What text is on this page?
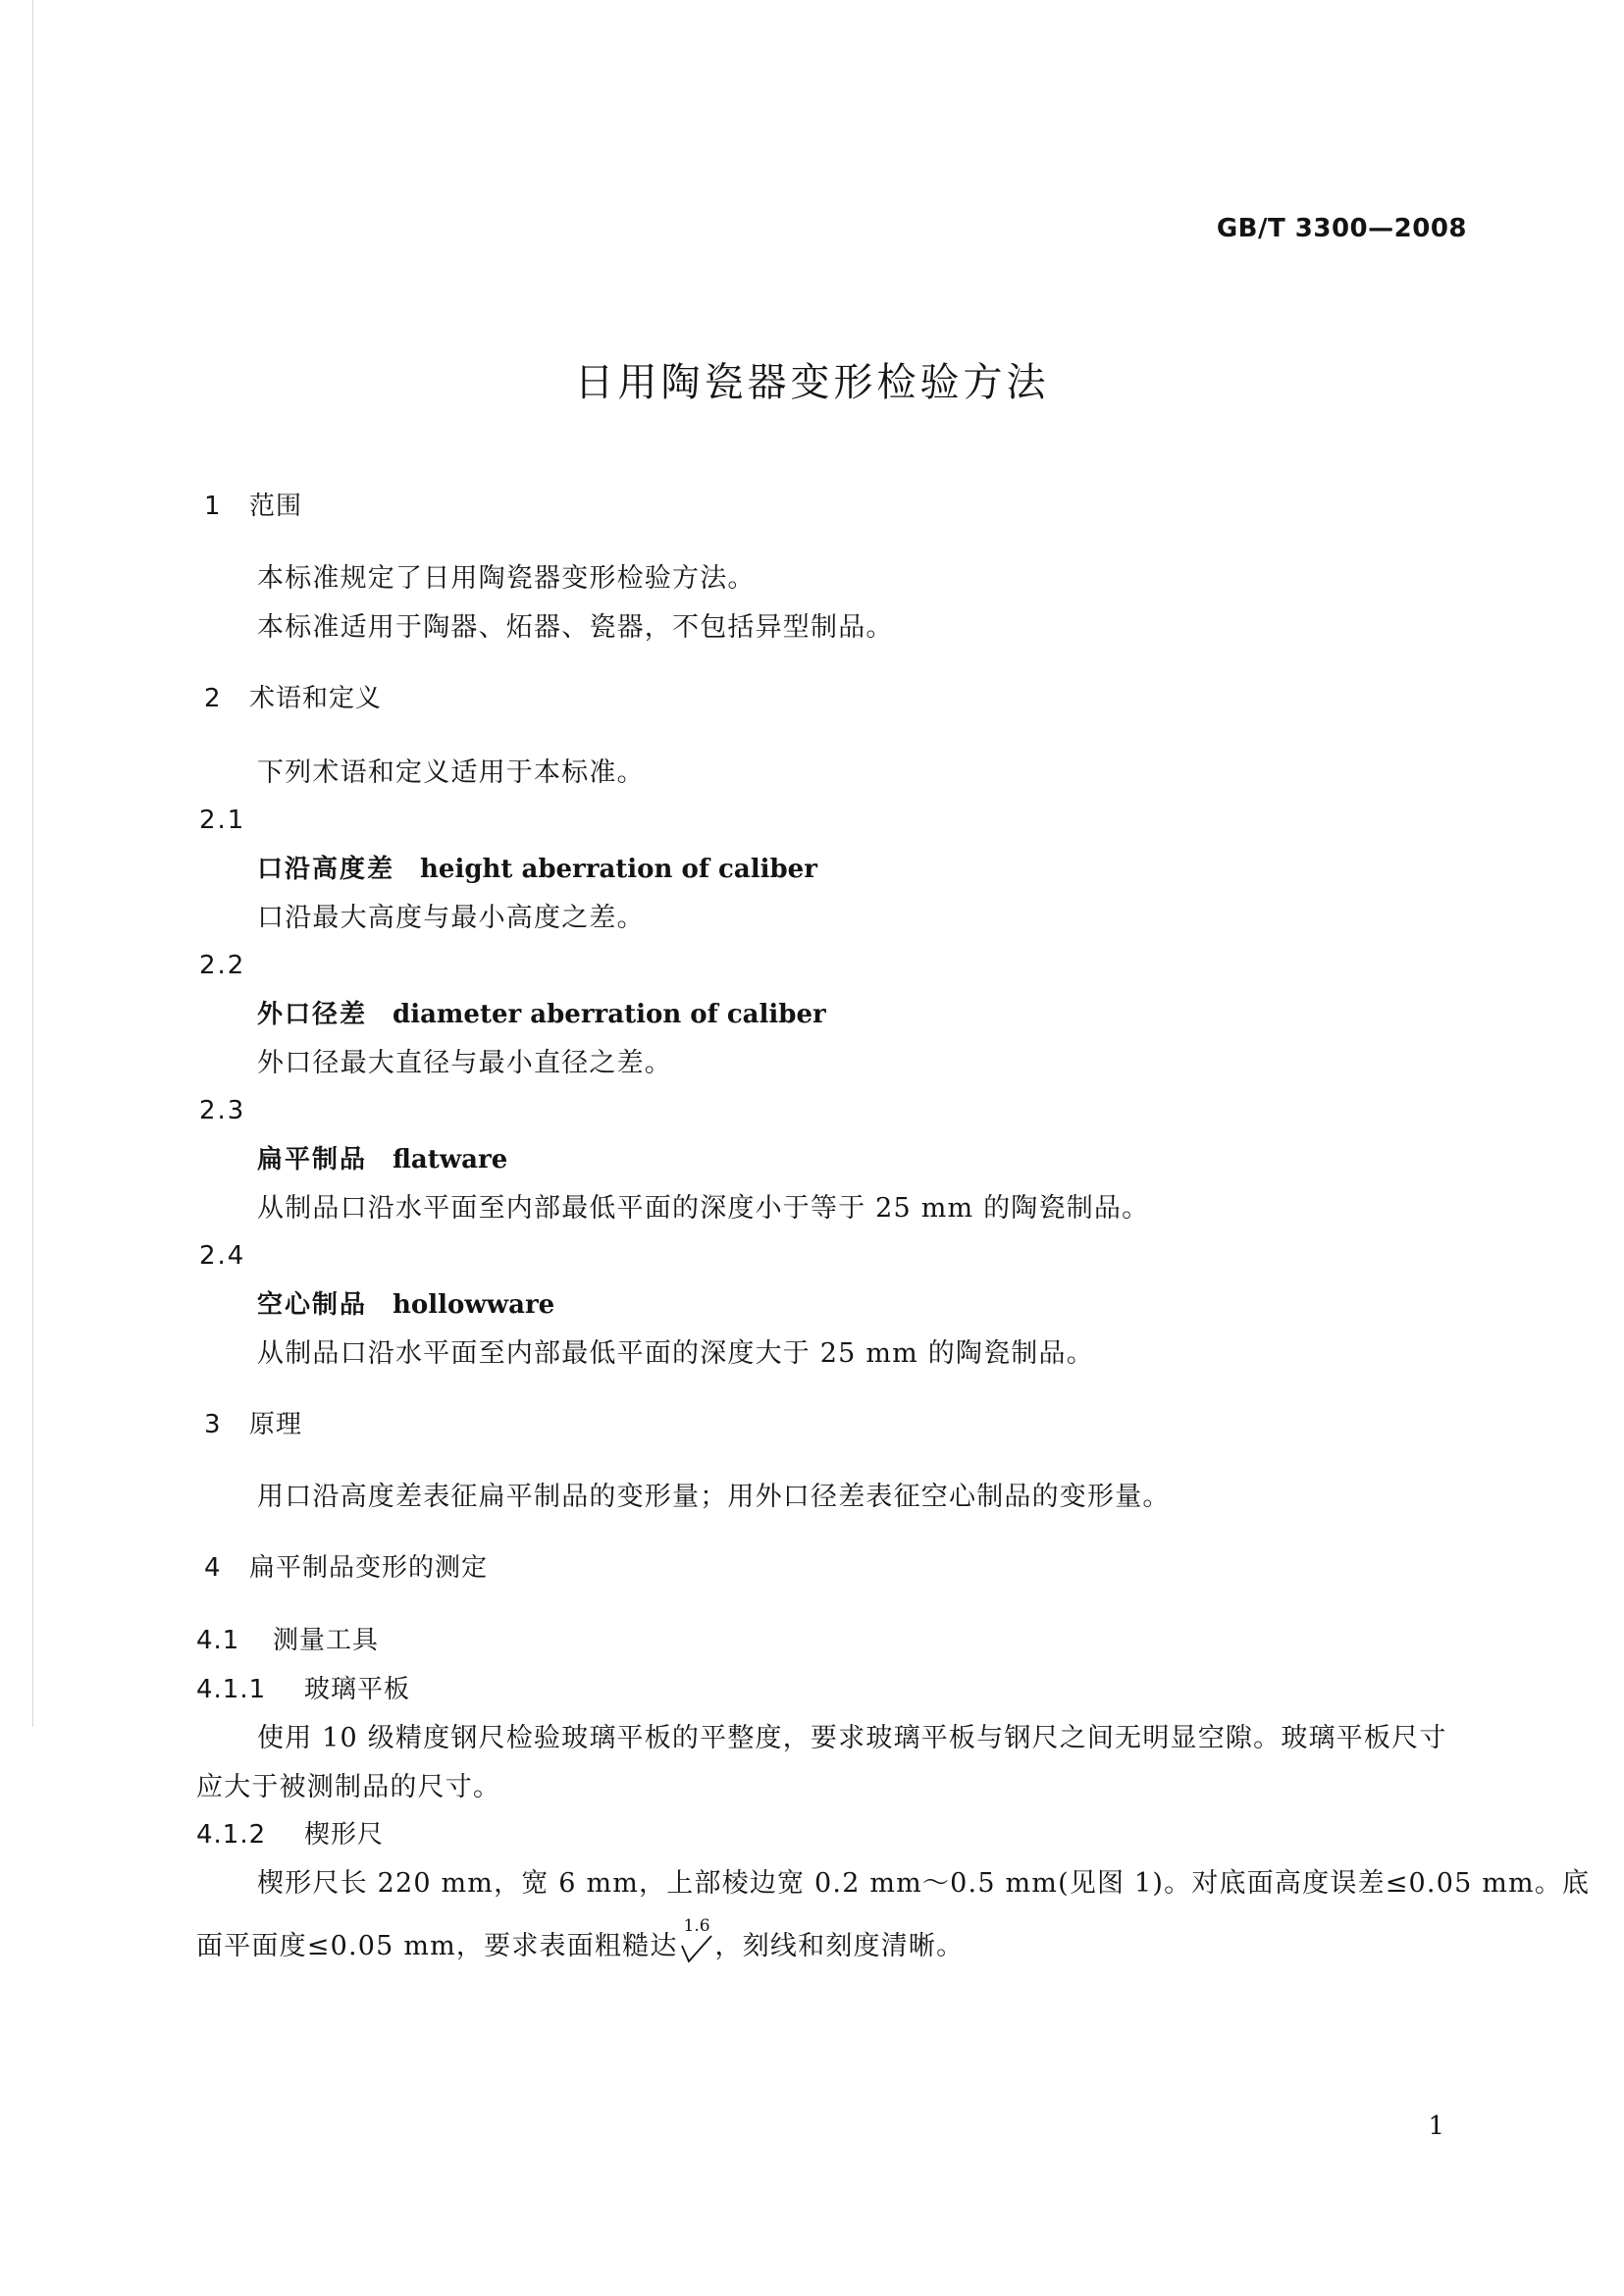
GB/T 3300—2008
日用陶瓷器变形检验方法
1 范围
本标准规定了日用陶瓷器变形检验方法。
本标准适用于陶器、炻器、瓷器，不包括异型制品。
2 术语和定义
下列术语和定义适用于本标准。
2.1
口沿高度差 height aberration of caliber
口沿最大高度与最小高度之差。
2.2
外口径差 diameter aberration of caliber
外口径最大直径与最小直径之差。
2.3
扁平制品 flatware
从制品口沿水平面至内部最低平面的深度小于等于 25 mm 的陶瓷制品。
2.4
空心制品 hollowware
从制品口沿水平面至内部最低平面的深度大于 25 mm 的陶瓷制品。
3 原理
用口沿高度差表征扁平制品的变形量；用外口径差表征空心制品的变形量。
4 扁平制品变形的测定
4.1 测量工具
4.1.1 玻璃平板
使用 10 级精度钢尺检验玻璃平板的平整度，要求玻璃平板与钢尺之间无明显空隙。玻璃平板尺寸
应大于被测制品的尺寸。
4.1.2 楔形尺
楔形尺长 220 mm，宽 6 mm，上部棱边宽 0.2 mm～0.5 mm(见图 1)。对底面高度误差≤0.05 mm。底
面平面度≤0.05 mm，要求表面粗糙达
1.6
，刻线和刻度清晰。
1
